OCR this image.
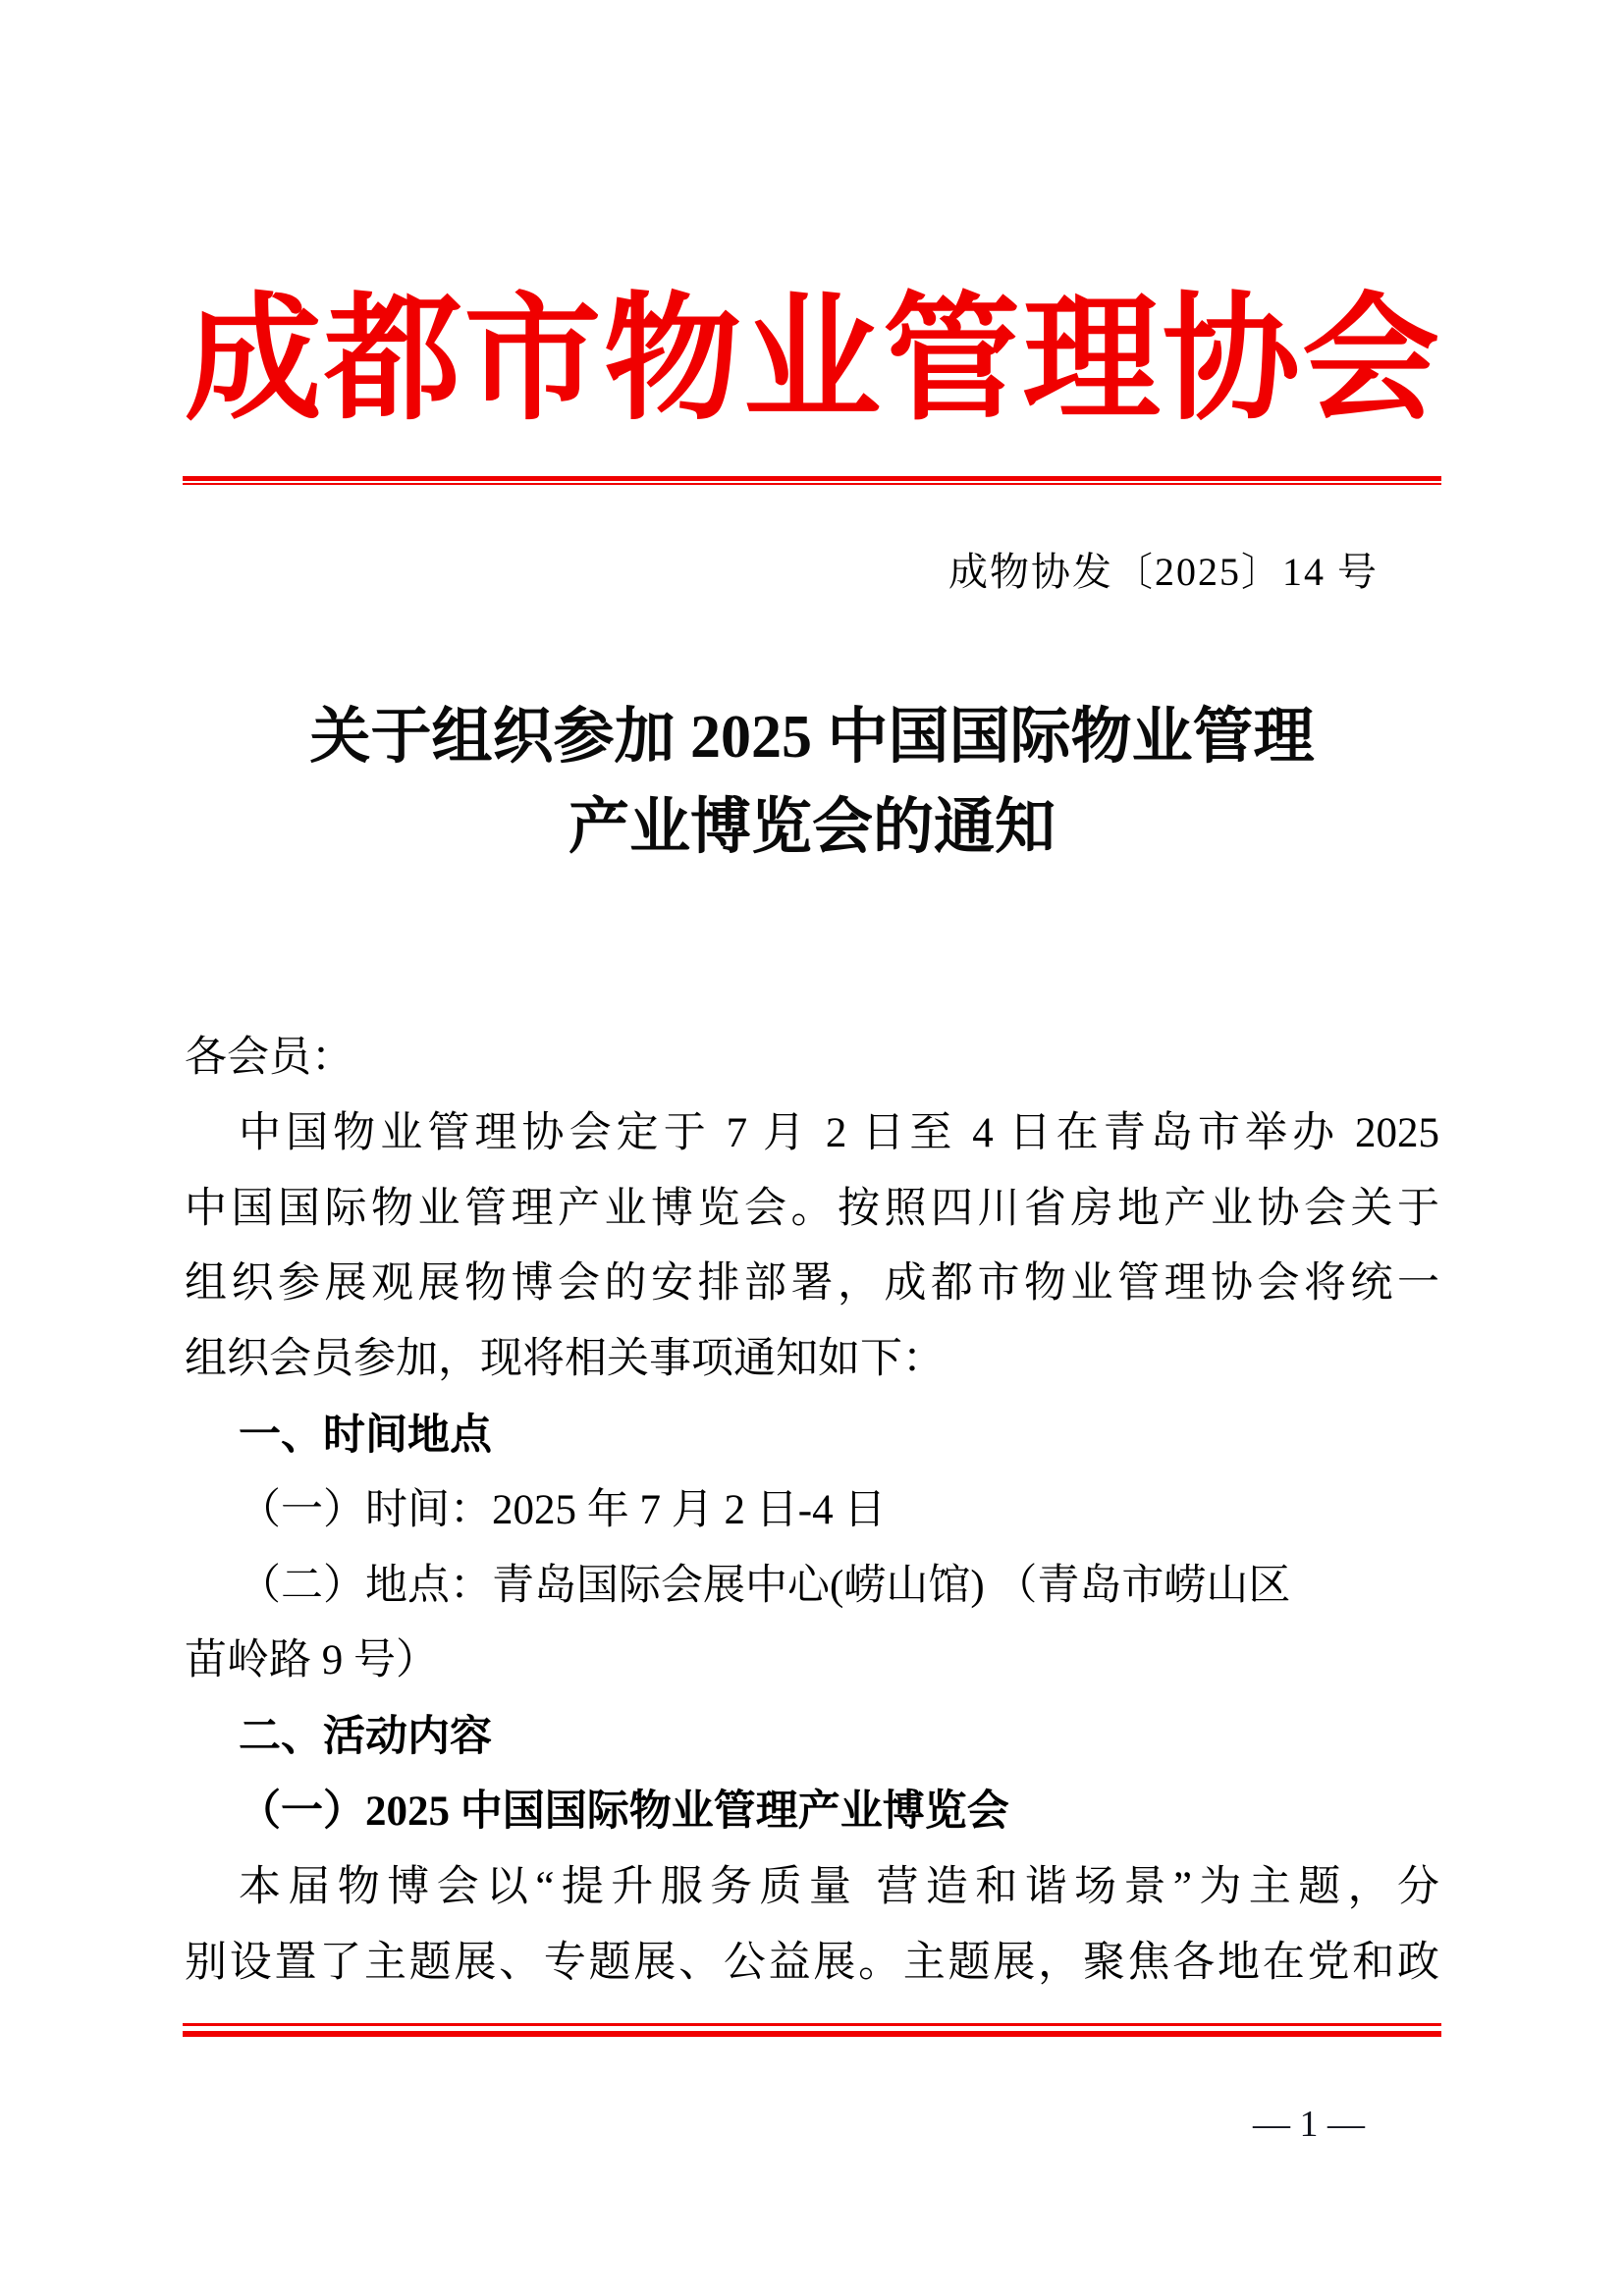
成都市物业管理协会
成物协发〔2025〕14 号
关于组织参加 2025 中国国际物业管理
产业博览会的通知
各会员：
中国物业管理协会定于 7 月 2 日至 4 日在青岛市举办 2025
中国国际物业管理产业博览会。按照四川省房地产业协会关于
组织参展观展物博会的安排部署，成都市物业管理协会将统一
组织会员参加，现将相关事项通知如下：
一、时间地点
（一）时间：2025 年 7 月 2 日-4 日
（二）地点：青岛国际会展中心(崂山馆) （青岛市崂山区
苗岭路 9 号）
二、活动内容
（一）2025 中国国际物业管理产业博览会
本届物博会以“提升服务质量 营造和谐场景”为主题，分
别设置了主题展、专题展、公益展。主题展，聚焦各地在党和政
— 1 —
